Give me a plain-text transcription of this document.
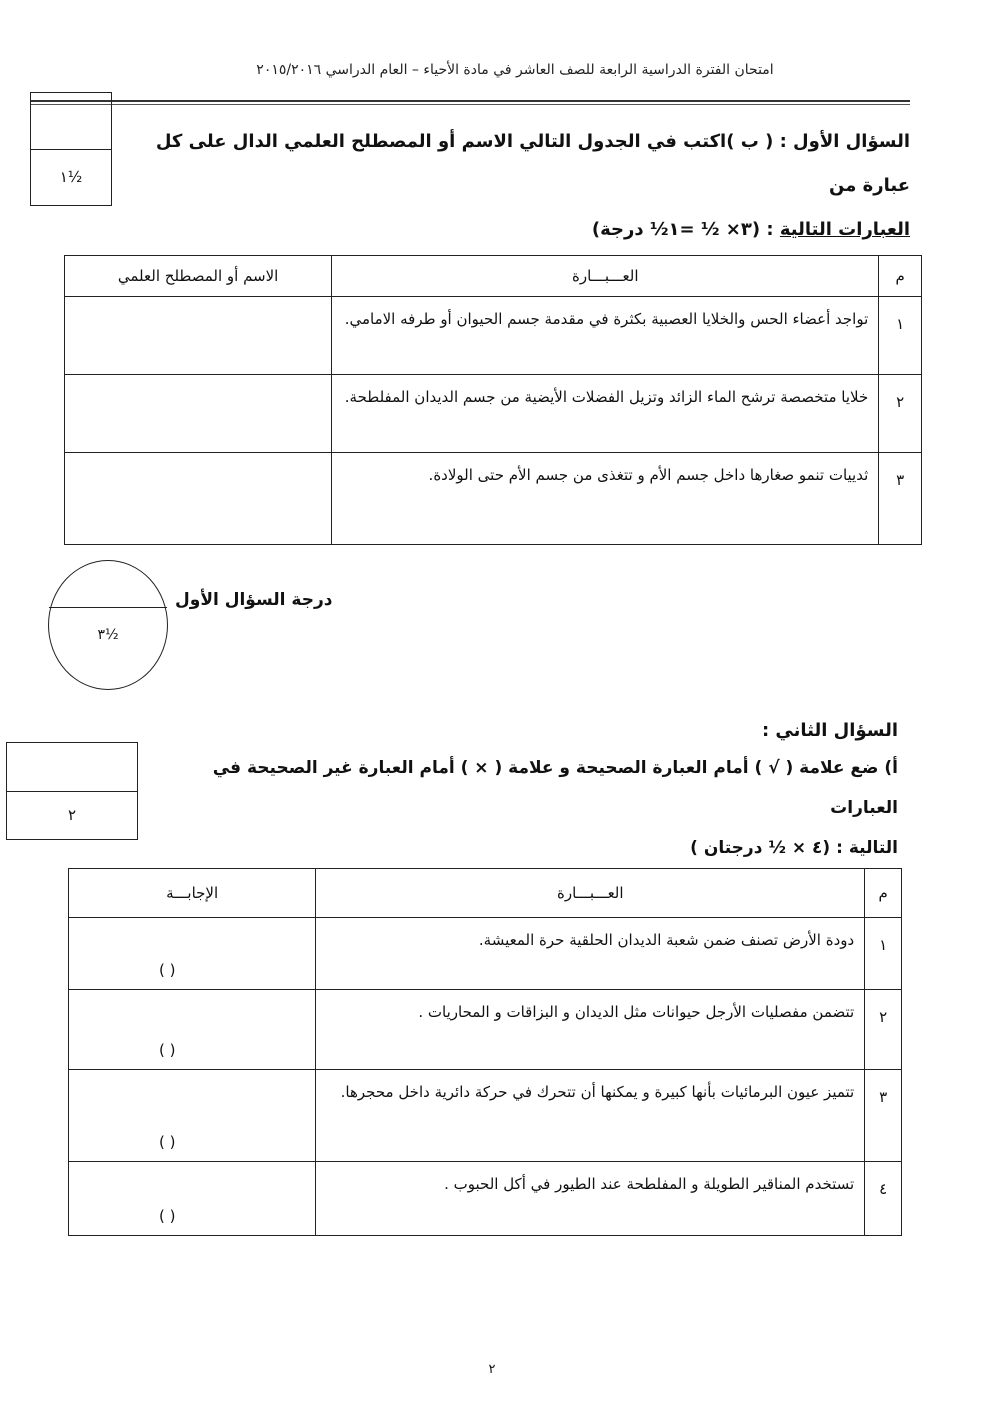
امتحان الفترة الدراسية الرابعة للصف العاشر في مادة الأحياء – العام الدراسي ٢٠١٥/٢٠١٦
١½
السؤال الأول : ( ب )اكتب في الجدول التالي الاسم أو المصطلح العلمي الدال على كل عبارة من
العبارات التالية : (٣× ½ =١½ درجة)
م	العـــبـــارة	الاسم أو المصطلح العلمي
١	تواجد أعضاء الحس والخلايا العصبية بكثرة في مقدمة جسم الحيوان أو طرفه الامامي.	
٢	خلايا متخصصة ترشح الماء الزائد وتزيل الفضلات الأيضية من جسم الديدان المفلطحة.	
٣	ثدييات تنمو صغارها داخل جسم الأم و تتغذى من جسم الأم حتى الولادة.	
٣½
درجة السؤال الأول
السؤال الثاني :
٢
أ) ضع علامة ( √ ) أمام العبارة الصحيحة و علامة ( × ) أمام العبارة غير الصحيحة في العبارات
التالية : (٤ × ½ درجتان )
م	العـــبـــارة	الإجابـــة
١	دودة الأرض تصنف ضمن شعبة الديدان الحلقية حرة المعيشة.	( )

٢	تتضمن مفصليات الأرجل حيوانات مثل الديدان و البزاقات و المحاريات .	( )

٣	تتميز عيون البرمائيات بأنها كبيرة و يمكنها أن تتحرك في حركة دائرية داخل محجرها.	( )

٤	تستخدم المناقير الطويلة و المفلطحة عند الطيور في أكل الحبوب .	( )
٢
